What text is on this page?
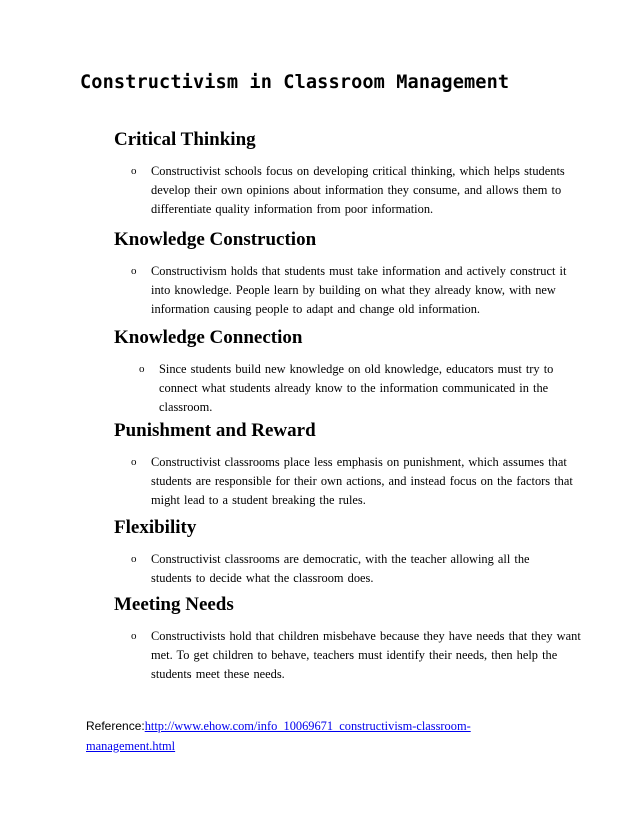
Constructivism in Classroom Management
Critical Thinking
o	Constructivist schools focus on developing critical thinking, which helps students develop their own opinions about information they consume, and allows them to differentiate quality information from poor information.
Knowledge Construction
o	Constructivism holds that students must take information and actively construct it into knowledge. People learn by building on what they already know, with new information causing people to adapt and change old information.
Knowledge Connection
o	Since students build new knowledge on old knowledge, educators must try to connect what students already know to the information communicated in the classroom.
Punishment and Reward
o	Constructivist classrooms place less emphasis on punishment, which assumes that students are responsible for their own actions, and instead focus on the factors that might lead to a student breaking the rules.
Flexibility
o	Constructivist classrooms are democratic, with the teacher allowing all the students to decide what the classroom does.
Meeting Needs
o	Constructivists hold that children misbehave because they have needs that they want met. To get children to behave, teachers must identify their needs, then help the students meet these needs.
Reference:http://www.ehow.com/info_10069671_constructivism-classroom-management.html
